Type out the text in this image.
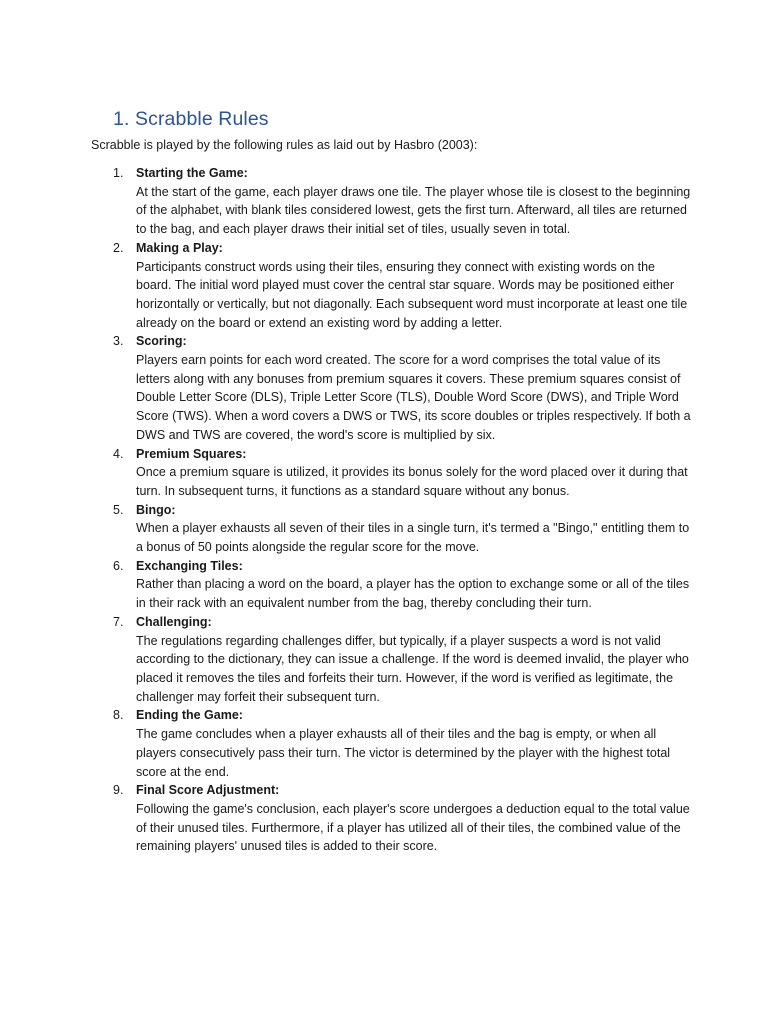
1. Scrabble Rules

Scrabble is played by the following rules as laid out by Hasbro (2003):

1. Starting the Game:
At the start of the game, each player draws one tile. The player whose tile is closest to the beginning of the alphabet, with blank tiles considered lowest, gets the first turn. Afterward, all tiles are returned to the bag, and each player draws their initial set of tiles, usually seven in total.
2. Making a Play:
Participants construct words using their tiles, ensuring they connect with existing words on the board. The initial word played must cover the central star square. Words may be positioned either horizontally or vertically, but not diagonally. Each subsequent word must incorporate at least one tile already on the board or extend an existing word by adding a letter.
3. Scoring:
Players earn points for each word created. The score for a word comprises the total value of its letters along with any bonuses from premium squares it covers. These premium squares consist of Double Letter Score (DLS), Triple Letter Score (TLS), Double Word Score (DWS), and Triple Word Score (TWS). When a word covers a DWS or TWS, its score doubles or triples respectively. If both a DWS and TWS are covered, the word's score is multiplied by six.
4. Premium Squares:
Once a premium square is utilized, it provides its bonus solely for the word placed over it during that turn. In subsequent turns, it functions as a standard square without any bonus.
5. Bingo:
When a player exhausts all seven of their tiles in a single turn, it's termed a "Bingo," entitling them to a bonus of 50 points alongside the regular score for the move.
6. Exchanging Tiles:
Rather than placing a word on the board, a player has the option to exchange some or all of the tiles in their rack with an equivalent number from the bag, thereby concluding their turn.
7. Challenging:
The regulations regarding challenges differ, but typically, if a player suspects a word is not valid according to the dictionary, they can issue a challenge. If the word is deemed invalid, the player who placed it removes the tiles and forfeits their turn. However, if the word is verified as legitimate, the challenger may forfeit their subsequent turn.
8. Ending the Game:
The game concludes when a player exhausts all of their tiles and the bag is empty, or when all players consecutively pass their turn. The victor is determined by the player with the highest total score at the end.
9. Final Score Adjustment:
Following the game's conclusion, each player's score undergoes a deduction equal to the total value of their unused tiles. Furthermore, if a player has utilized all of their tiles, the combined value of the remaining players' unused tiles is added to their score.
